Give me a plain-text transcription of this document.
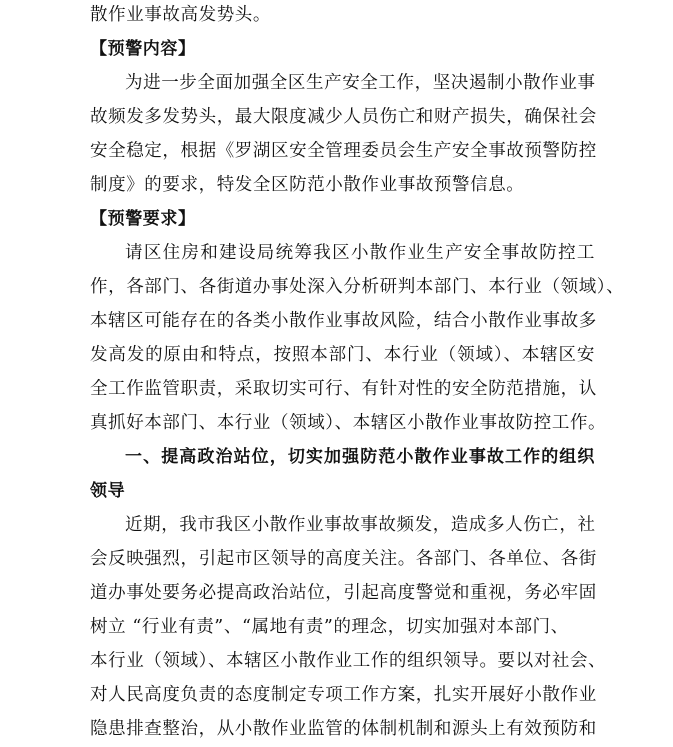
散作业事故高发势头。
【预警内容】
为进一步全面加强全区生产安全工作，坚决遏制小散作业事
故频发多发势头，最大限度减少人员伤亡和财产损失，确保社会
安全稳定，根据《罗湖区安全管理委员会生产安全事故预警防控
制度》的要求，特发全区防范小散作业事故预警信息。
【预警要求】
请区住房和建设局统筹我区小散作业生产安全事故防控工
作，各部门、各街道办事处深入分析研判本部门、本行业（领域）、
本辖区可能存在的各类小散作业事故风险，结合小散作业事故多
发高发的原由和特点，按照本部门、本行业（领域）、本辖区安
全工作监管职责，采取切实可行、有针对性的安全防范措施，认
真抓好本部门、本行业（领域）、本辖区小散作业事故防控工作。
一、提高政治站位，切实加强防范小散作业事故工作的组织
领导
近期，我市我区小散作业事故事故频发，造成多人伤亡，社
会反映强烈，引起市区领导的高度关注。各部门、各单位、各街
道办事处要务必提高政治站位，引起高度警觉和重视，务必牢固
树立 “行业有责”、“属地有责”的理念，切实加强对本部门、
本行业（领域）、本辖区小散作业工作的组织领导。要以对社会、
对人民高度负责的态度制定专项工作方案，扎实开展好小散作业
隐患排查整治，从小散作业监管的体制机制和源头上有效预防和
